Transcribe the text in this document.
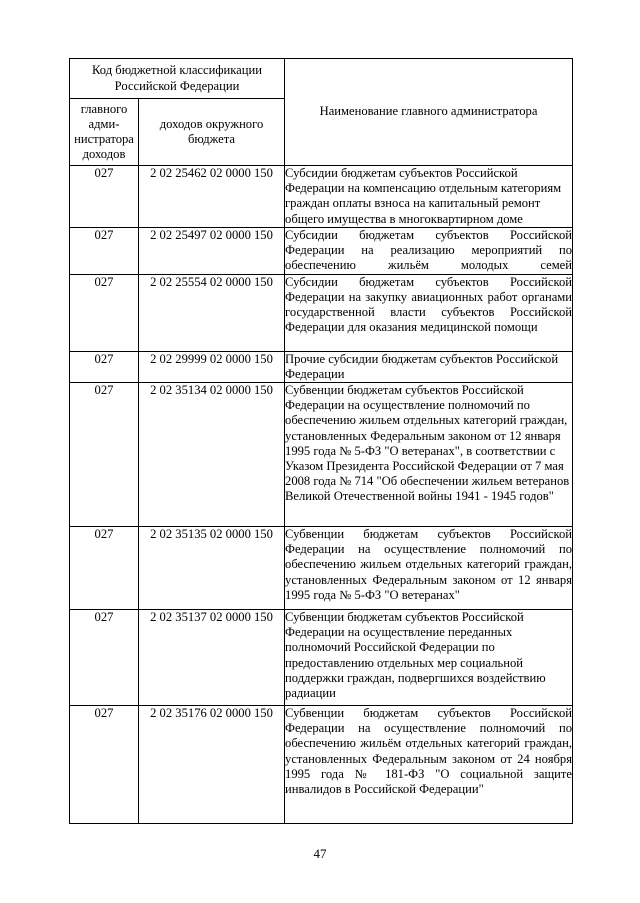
Код бюджетной классификации Российской Федерации		Наименование главного администратора
главного адми-нистратора доходов	доходов окружного бюджета	
027	2 02 25462 02 0000 150	Субсидии бюджетам субъектов Российской Федерации на компенсацию отдельным категориям граждан оплаты взноса на капитальный ремонт общего имущества в многоквартирном доме
027	2 02 25497 02 0000 150	Субсидии бюджетам субъектов Российской Федерации на реализацию мероприятий по обеспечению жильём молодых семей
027	2 02 25554 02 0000 150	Субсидии бюджетам субъектов Российской Федерации на закупку авиационных работ органами государственной власти субъектов Российской Федерации для оказания медицинской помощи
027	2 02 29999 02 0000 150	Прочие субсидии бюджетам субъектов Российской Федерации
027	2 02 35134 02 0000 150	Субвенции бюджетам субъектов Российской Федерации на осуществление полномочий по обеспечению жильем отдельных категорий граждан, установленных Федеральным законом от 12 января 1995 года № 5-ФЗ "О ветеранах", в соответствии с Указом Президента Российской Федерации от 7 мая 2008 года № 714 "Об обеспечении жильем ветеранов Великой Отечественной войны 1941 - 1945 годов"
027	2 02 35135 02 0000 150	Субвенции бюджетам субъектов Российской Федерации на осуществление полномочий по обеспечению жильем отдельных категорий граждан, установленных Федеральным законом от 12 января 1995 года № 5-ФЗ "О ветеранах"
027	2 02 35137 02 0000 150	Субвенции бюджетам субъектов Российской Федерации на осуществление переданных полномочий Российской Федерации по предоставлению отдельных мер социальной поддержки граждан, подвергшихся воздействию радиации
027	2 02 35176 02 0000 150	Субвенции бюджетам субъектов Российской Федерации на осуществление полномочий по обеспечению жильём отдельных категорий граждан, установленных Федеральным законом от 24 ноября 1995 года № 181-ФЗ "О социальной защите инвалидов в Российской Федерации"
47
